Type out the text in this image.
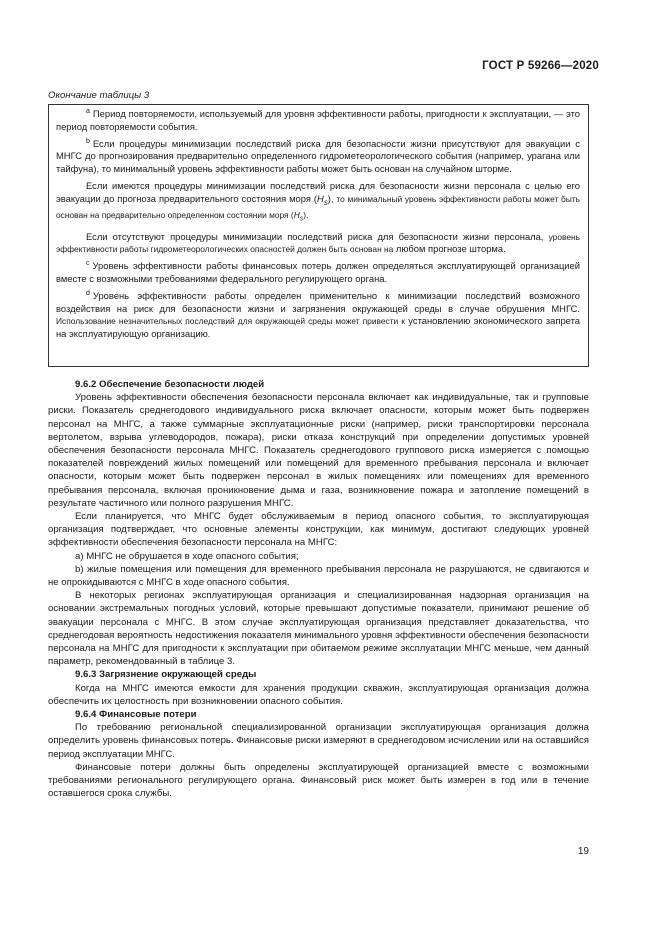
ГОСТ Р 59266—2020
Окончание таблицы 3

$^a$ Период повторяемости, используемый для уровня эффективности работы, пригодности к эксплуатации, — это период повторяемости события.

$^b$ Если процедуры минимизации последствий риска для безопасности жизни присутствуют для эвакуации с МНГС до прогнозирования предварительно определенного гидрометеорологического события (например, урагана или тайфуна), то минимальный уровень эффективности работы может быть основан на случайном шторме.

Если имеются процедуры минимизации последствий риска для безопасности жизни персонала с целью его эвакуации до прогноза предварительного состояния моря $(H_s)$, то минимальный уровень эффективности работы может быть основан на предварительно определенном состоянии моря $(H_s)$.

Если отсутствуют процедуры минимизации последствий риска для безопасности жизни персонала, уровень эффективности работы гидрометеорологических опасностей должен быть основан на любом прогнозе шторма.

$^c$ Уровень эффективности работы финансовых потерь должен определяться эксплуатирующей организацией вместе с возможными требованиями федерального регулирующего органа.

$^d$ Уровень эффективности работы определен применительно к минимизации последствий возможного воздействия на риск для безопасности жизни и загрязнения окружающей среды в случае обрушения МНГС. Использование незначительных последствий для окружающей среды может привести к установлению экономического запрета на эксплуатирующую организацию.

9.6.2 Обеспечение безопасности людей

Уровень эффективности обеспечения безопасности персонала включает как индивидуальные, так и групповые риски. Показатель среднегодового индивидуального риска включает опасности, которым может быть подвержен персонал на МНГС, а также суммарные эксплуатационные риски (например, риски транспортировки персонала вертолетом, взрыва углеводородов, пожара), риски отказа конструкций при определении допустимых уровней обеспечения безопасности персонала МНГС. Показатель среднегодового группового риска измеряется с помощью показателей повреждений жилых помещений или помещений для временного пребывания персонала и включает опасности, которым может быть подвержен персонал в жилых помещениях или помещениях для временного пребывания персонала, включая проникновение дыма и газа, возникновение пожара и затопление помещений в результате частичного или полного разрушения МНГС.

Если планируется, что МНГС будет обслуживаемым в период опасного события, то эксплуатирующая организация подтверждает, что основные элементы конструкции, как минимум, достигают следующих уровней эффективности обеспечения безопасности персонала на МНГС:

а) МНГС не обрушается в ходе опасного события;

b) жилые помещения или помещения для временного пребывания персонала не разрушаются, не сдвигаются и не опрокидываются с МНГС в ходе опасного события.

В некоторых регионах эксплуатирующая организация и специализированная надзорная организация на основании экстремальных погодных условий, которые превышают допустимые показатели, принимают решение об эвакуации персонала с МНГС. В этом случае эксплуатирующая организация представляет доказательства, что среднегодовая вероятность недостижения показателя минимального уровня эффективности обеспечения безопасности персонала на МНГС для пригодности к эксплуатации при обитаемом режиме эксплуатации МНГС меньше, чем данный параметр, рекомендованный в таблице 3.

9.6.3 Загрязнение окружающей среды

Когда на МНГС имеются емкости для хранения продукции скважин, эксплуатирующая организация должна обеспечить их целостность при возникновении опасного события.

9.6.4 Финансовые потери

По требованию региональной специализированной организации эксплуатирующая организация должна определить уровень финансовых потерь. Финансовые риски измеряют в среднегодовом исчислении или на оставшийся период эксплуатации МНГС.

Финансовые потери должны быть определены эксплуатирующей организацией вместе с возможными требованиями регионального регулирующего органа. Финансовый риск может быть измерен в год или в течение оставшегося срока службы.

19
